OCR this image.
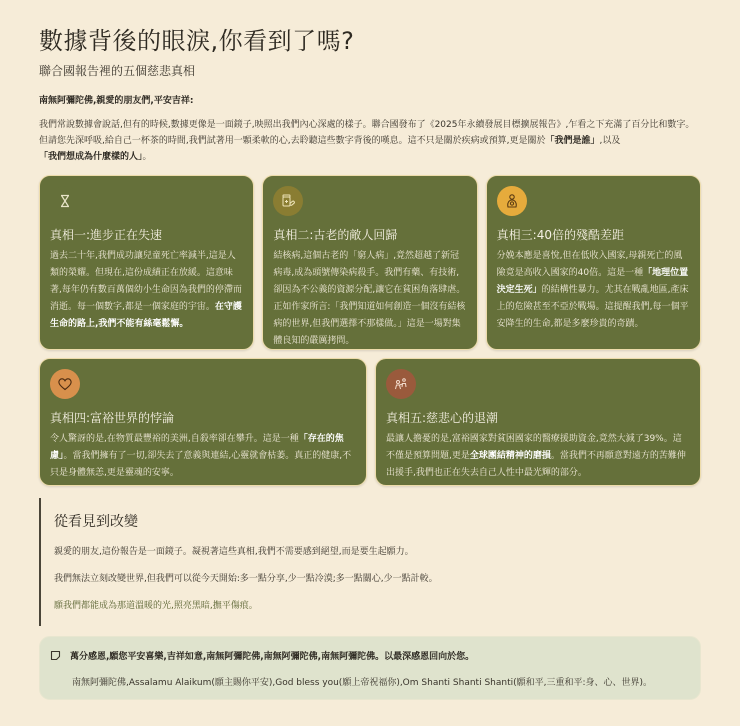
數據背後的眼淚,你看到了嗎?
聯合國報告裡的五個慈悲真相
南無阿彌陀佛,親愛的朋友們,平安吉祥:
我們常說數據會說話,但有的時候,數據更像是一面鏡子,映照出我們內心深處的樣子。聯合國發布了《2025年永續發展目標擴展報告》,乍看之下充滿了百分比和數字。但請您先深呼吸,給自己一杯茶的時間,我們試著用一顆柔軟的心,去聆聽這些數字背後的嘆息。這不只是關於疾病或預算,更是關於「我們是誰」,以及
「我們想成為什麼樣的人」。
真相一:進步正在失速
過去二十年,我們成功讓兒童死亡率減半,這是人類的榮耀。但現在,這份成績正在放緩。這意味著,每年仍有數百萬個幼小生命因為我們的停滯而消逝。每一個數字,都是一個家庭的宇宙。在守護生命的路上,我們不能有絲毫鬆懈。
真相二:古老的敵人回歸
結核病,這個古老的「窮人病」,竟然超越了新冠病毒,成為頭號傳染病殺手。我們有藥、有技術,卻因為不公義的資源分配,讓它在貧困角落肆虐。正如作家所言:「我們知道如何創造一個沒有結核病的世界,但我們選擇不那樣做。」這是一場對集體良知的嚴厲拷問。
真相三:40倍的殘酷差距
分娩本應是喜悅,但在低收入國家,母親死亡的風險竟是高收入國家的40倍。這是一種「地理位置決定生死」的結構性暴力。尤其在戰亂地區,產床上的危險甚至不亞於戰場。這提醒我們,每一個平安降生的生命,都是多麼珍貴的奇蹟。
真相四:富裕世界的悖論
令人驚訝的是,在物質最豐裕的美洲,自殺率卻在攀升。這是一種「存在的焦慮」。當我們擁有了一切,卻失去了意義與連結,心靈就會枯萎。真正的健康,不只是身體無恙,更是靈魂的安寧。
真相五:慈悲心的退潮
最讓人擔憂的是,富裕國家對貧困國家的醫療援助資金,竟然大減了39%。這不僅是預算問題,更是全球團結精神的磨損。當我們不再願意對遠方的苦難伸出援手,我們也正在失去自己人性中最光輝的部分。
從看見到改變

親愛的朋友,這份報告是一面鏡子。凝視著這些真相,我們不需要感到絕望,而是要生起願力。

我們無法立刻改變世界,但我們可以從今天開始:多一點分享,少一點冷漠;多一點關心,少一點計較。

願我們都能成為那道溫暖的光,照亮黑暗,撫平傷痕。

萬分感恩,願您平安喜樂,吉祥如意,南無阿彌陀佛,南無阿彌陀佛,南無阿彌陀佛。以最深感恩回向於您。
南無阿彌陀佛,Assalamu Alaikum(願主賜你平安),God bless you(願上帝祝福你),Om Shanti Shanti Shanti(願和平,三重和平:身、心、世界)。
